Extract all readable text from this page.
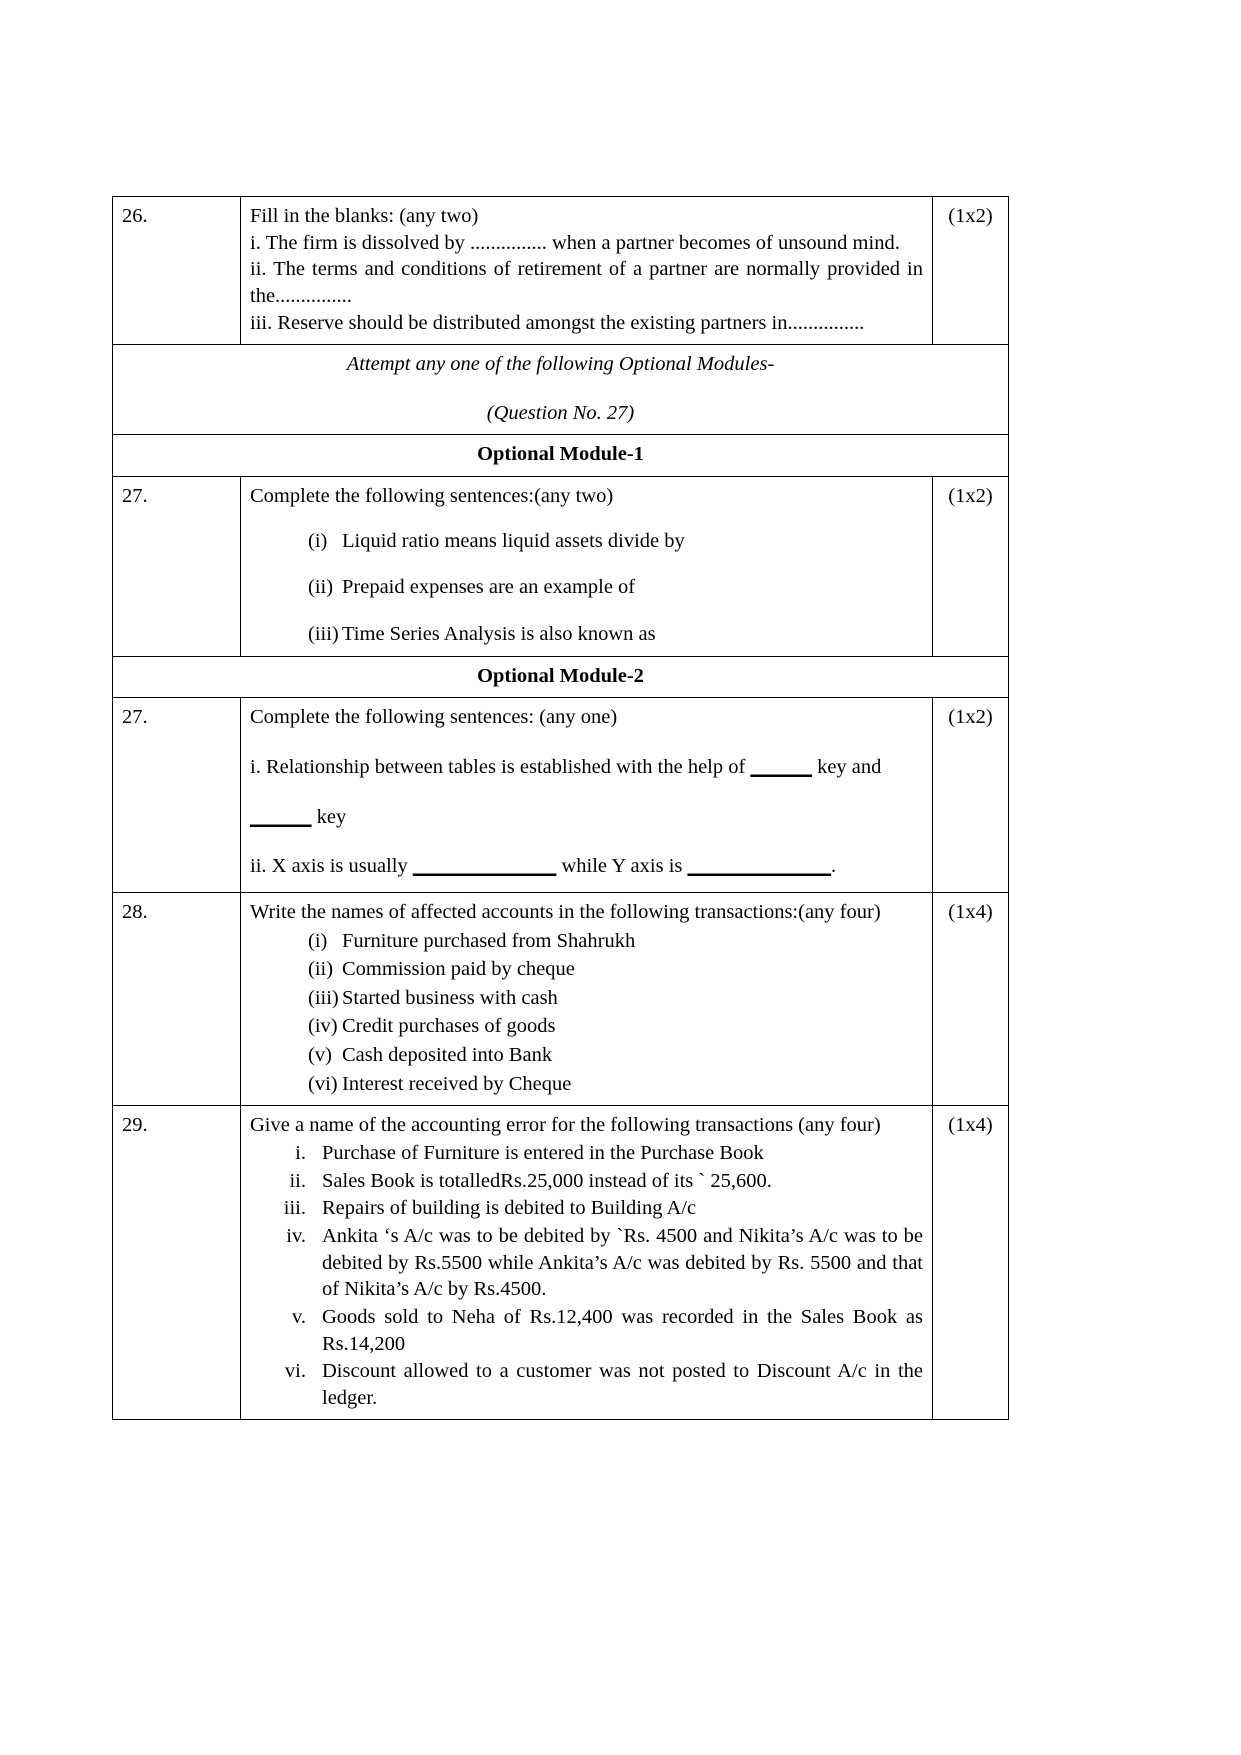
26.	Fill in the blanks: (any two)

i. The firm is dissolved by ............... when a partner becomes of unsound mind.

ii. The terms and conditions of retirement of a partner are normally provided in the...............

iii. Reserve should be distributed amongst the existing partners in...............	(1x2)

Attempt any one of the following Optional Modules-

(Question No. 27)		

Optional Module-1		
27.	Complete the following sentences:(any two)

(i) Liquid ratio means liquid assets divide by
(ii) Prepaid expenses are an example of
(iii) Time Series Analysis is also known as
	(1x2)
Optional Module-2		
27.	Complete the following sentences: (any one)

i. Relationship between tables is established with the help of ______ key and

______ key

ii. X axis is usually ______________ while Y axis is ______________.	(1x2)
28.	Write the names of affected accounts in the following transactions:(any four)

(i) Furniture purchased from Shahrukh
(ii) Commission paid by cheque
(iii) Started business with cash
(iv) Credit purchases of goods
(v) Cash deposited into Bank
(vi) Interest received by Cheque
	(1x4)
29.	Give a name of the accounting error for the following transactions (any four)

i. Purchase of Furniture is entered in the Purchase Book
ii. Sales Book is totalledRs.25,000 instead of its ` 25,600.
iii. Repairs of building is debited to Building A/c
iv. Ankita ‘s A/c was to be debited by `Rs. 4500 and Nikita’s A/c was to be debited by Rs.5500 while Ankita’s A/c was debited by Rs. 5500 and that of Nikita’s A/c by Rs.4500.
v. Goods sold to Neha of Rs.12,400 was recorded in the Sales Book as Rs.14,200
vi. Discount allowed to a customer was not posted to Discount A/c in the ledger.
	(1x4)
